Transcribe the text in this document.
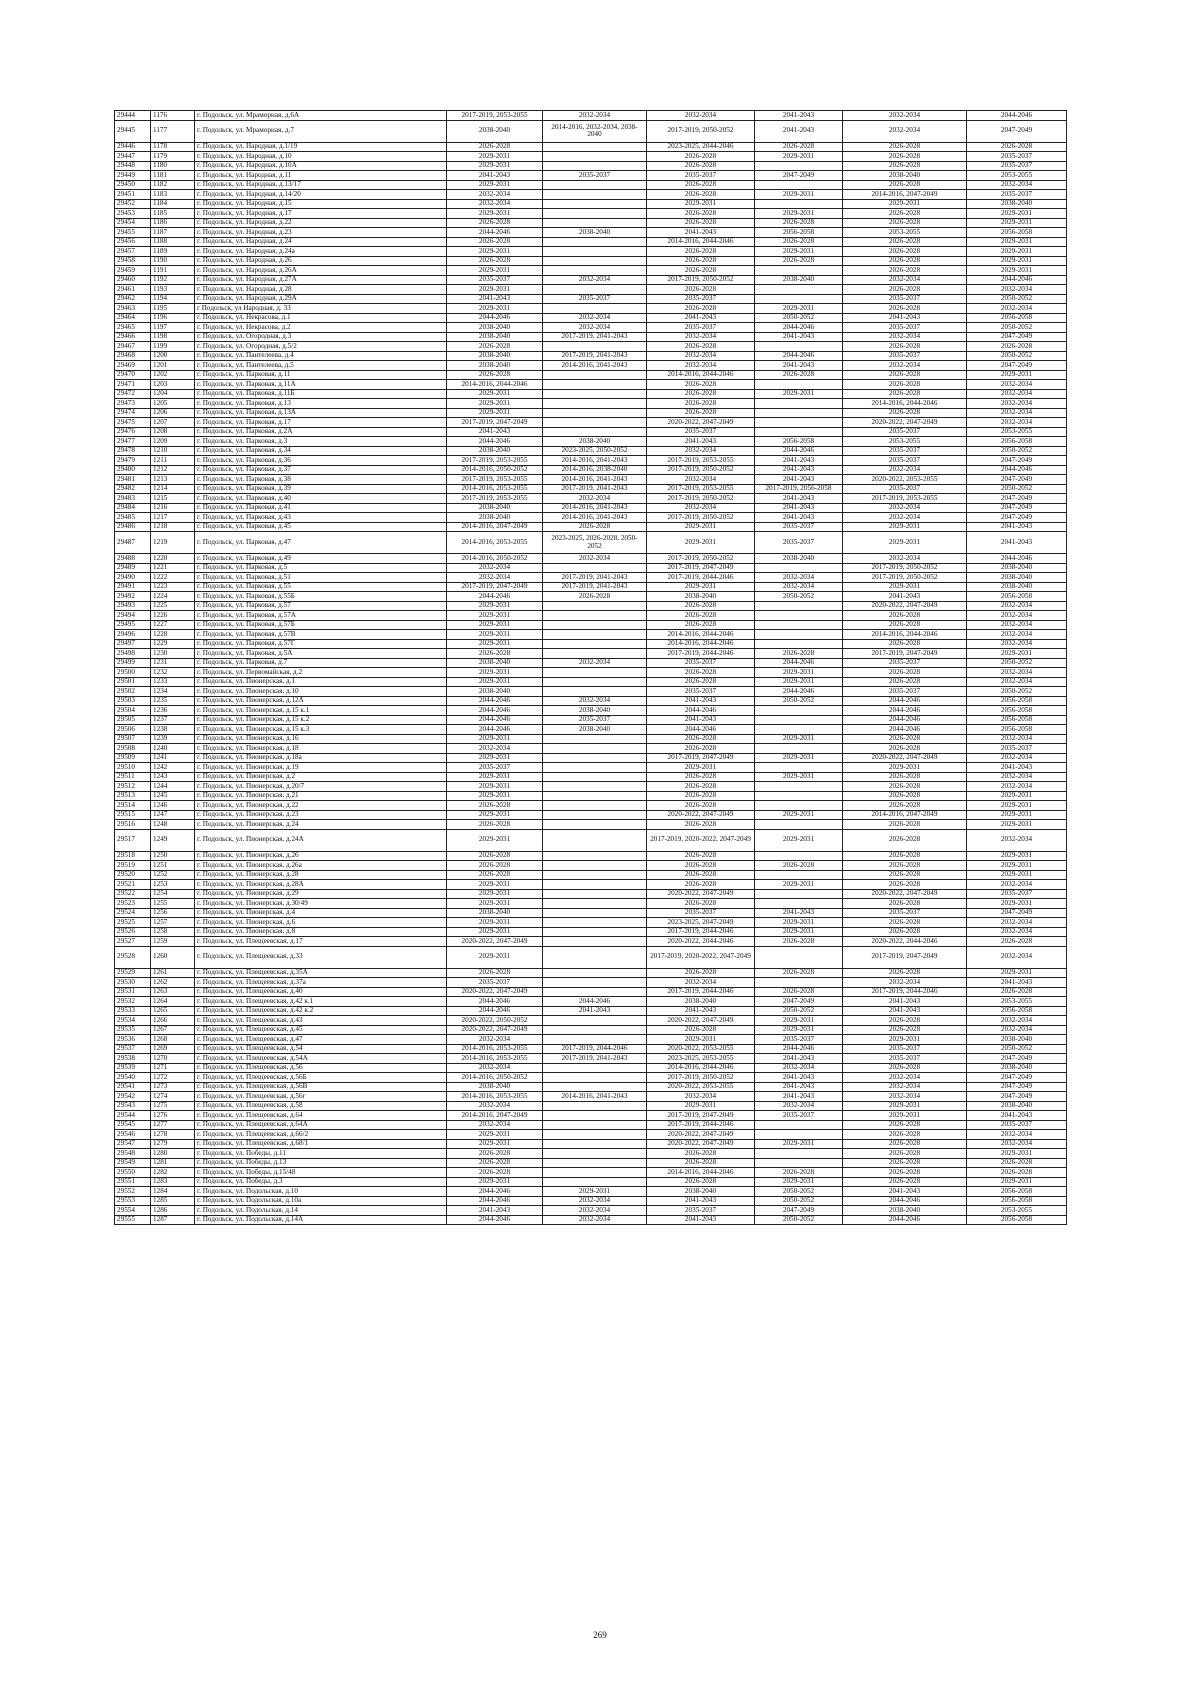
29444	1176	г. Подольск, ул. Мраморная, д.6А	2017-2019, 2053-2055	2032-2034	2032-2034	2041-2043	2032-2034	2044-2046
29445	1177	г. Подольск, ул. Мраморная, д.7	2038-2040	2014-2016, 2032-2034, 2038-2040	2017-2019, 2050-2052	2041-2043	2032-2034	2047-2049
29446	1178	г. Подольск, ул. Народная, д.1/19	2026-2028		2023-2025, 2044-2046	2026-2028	2026-2028	2026-2028
29447	1179	г. Подольск, ул. Народная, д.10	2029-2031		2026-2028	2029-2031	2026-2028	2035-2037
29448	1180	г. Подольск, ул. Народная, д.10А	2029-2031		2026-2028		2026-2028	2035-2037
29449	1181	г. Подольск, ул. Народная, д.11	2041-2043	2035-2037	2035-2037	2047-2049	2038-2040	2053-2055
29450	1182	г. Подольск, ул. Народная, д.13/17	2029-2031		2026-2028		2026-2028	2032-2034
29451	1183	г. Подольск, ул. Народная, д.14/20	2032-2034		2026-2028	2029-2031	2014-2016, 2047-2049	2035-2037
29452	1184	г. Подольск, ул. Народная, д.15	2032-2034		2029-2031		2029-2031	2038-2040
29453	1185	г. Подольск, ул. Народная, д.17	2029-2031		2026-2028	2029-2031	2026-2028	2029-2031
29454	1186	г. Подольск, ул. Народная, д.22	2026-2028		2026-2028	2026-2028	2026-2028	2029-2031
29455	1187	г. Подольск, ул. Народная, д.23	2044-2046	2038-2040	2041-2043	2056-2058	2053-2055	2056-2058
29456	1188	г. Подольск, ул. Народная, д.24	2026-2028		2014-2016, 2044-2046	2026-2028	2026-2028	2029-2031
29457	1189	г. Подольск, ул. Народная, д.24а	2029-2031		2026-2028	2029-2031	2026-2028	2029-2031
29458	1190	г. Подольск, ул. Народная, д.26	2026-2028		2026-2028	2026-2028	2026-2028	2029-2031
29459	1191	г. Подольск, ул. Народная, д.26А	2029-2031		2026-2028		2026-2028	2029-2031
29460	1192	г. Подольск, ул. Народная, д.27А	2035-2037	2032-2034	2017-2019, 2050-2052	2038-2040	2032-2034	2044-2046
29461	1193	г. Подольск, ул. Народная, д.28	2029-2031		2026-2028		2026-2028	2032-2034
29462	1194	г. Подольск, ул. Народная, д.29А	2041-2043	2035-2037	2035-2037		2035-2037	2050-2052
29463	1195	г Подольск, ул Народная, д. 33	2029-2031		2026-2028	2029-2031	2026-2028	2032-2034
29464	1196	г. Подольск, ул. Некрасова, д.1	2044-2046	2032-2034	2041-2043	2050-2052	2041-2043	2056-2058
29465	1197	г. Подольск, ул. Некрасова, д.2	2038-2040	2032-2034	2035-2037	2044-2046	2035-2037	2050-2052
29466	1198	г. Подольск, ул. Огородная, д.3	2038-2040	2017-2019, 2041-2043	2032-2034	2041-2043	2032-2034	2047-2049
29467	1199	г. Подольск, ул. Огородная, д.5/2	2026-2028		2026-2028		2026-2028	2026-2028
29468	1200	г. Подольск, ул. Пантелеева, д.4	2038-2040	2017-2019, 2041-2043	2032-2034	2044-2046	2035-2037	2050-2052
29469	1201	г. Подольск, ул. Пантелеева, д.5	2038-2040	2014-2016, 2041-2043	2032-2034	2041-2043	2032-2034	2047-2049
29470	1202	г. Подольск, ул. Парковая, д.11	2026-2028		2014-2016, 2044-2046	2026-2028	2026-2028	2029-2031
29471	1203	г. Подольск, ул. Парковая, д.11А	2014-2016, 2044-2046		2026-2028		2026-2028	2032-2034
29472	1204	г. Подольск, ул. Парковая, д.11Б	2029-2031		2026-2028	2029-2031	2026-2028	2032-2034
29473	1205	г. Подольск, ул. Парковая, д.13	2029-2031		2026-2028		2014-2016, 2044-2046	2032-2034
29474	1206	г. Подольск, ул. Парковая, д.13А	2029-2031		2026-2028		2026-2028	2032-2034
29475	1207	г. Подольск, ул. Парковая, д.17	2017-2019, 2047-2049		2020-2022, 2047-2049		2020-2022, 2047-2049	2032-2034
29476	1208	г. Подольск, ул. Парковая, д.2А	2041-2043		2035-2037		2035-2037	2053-2055
29477	1209	г. Подольск, ул. Парковая, д.3	2044-2046	2038-2040	2041-2043	2056-2058	2053-2055	2056-2058
29478	1210	г. Подольск, ул. Парковая, д.34	2038-2040	2023-2025, 2050-2052	2032-2034	2044-2046	2035-2037	2050-2052
29479	1211	г. Подольск, ул. Парковая, д.36	2017-2019, 2053-2055	2014-2016, 2041-2043	2017-2019, 2053-2055	2041-2043	2035-2037	2047-2049
29480	1212	г. Подольск, ул. Парковая, д.37	2014-2016, 2050-2052	2014-2016, 2038-2040	2017-2019, 2050-2052	2041-2043	2032-2034	2044-2046
29481	1213	г. Подольск, ул. Парковая, д.38	2017-2019, 2053-2055	2014-2016, 2041-2043	2032-2034	2041-2043	2020-2022, 2053-2055	2047-2049
29482	1214	г. Подольск, ул. Парковая, д.39	2014-2016, 2053-2055	2017-2019, 2041-2043	2017-2019, 2053-2055	2017-2019, 2056-2058	2035-2037	2050-2052
29483	1215	г. Подольск, ул. Парковая, д.40	2017-2019, 2053-2055	2032-2034	2017-2019, 2050-2052	2041-2043	2017-2019, 2053-2055	2047-2049
29484	1216	г. Подольск, ул. Парковая, д.41	2038-2040	2014-2016, 2041-2043	2032-2034	2041-2043	2032-2034	2047-2049
29485	1217	г. Подольск, ул. Парковая, д.43	2038-2040	2014-2016, 2041-2043	2017-2019, 2050-2052	2041-2043	2032-2034	2047-2049
29486	1218	г. Подольск, ул. Парковая, д.45	2014-2016, 2047-2049	2026-2028	2029-2031	2035-2037	2029-2031	2041-2043
29487	1219	г. Подольск, ул. Парковая, д.47	2014-2016, 2053-2055	2023-2025, 2026-2028, 2050-2052	2029-2031	2035-2037	2029-2031	2041-2043
29488	1220	г. Подольск, ул. Парковая, д.49	2014-2016, 2050-2052	2032-2034	2017-2019, 2050-2052	2038-2040	2032-2034	2044-2046
29489	1221	г. Подольск, ул. Парковая, д.5	2032-2034		2017-2019, 2047-2049		2017-2019, 2050-2052	2038-2040
29490	1222	г. Подольск, ул. Парковая, д.51	2032-2034	2017-2019, 2041-2043	2017-2019, 2044-2046	2032-2034	2017-2019, 2050-2052	2038-2040
29491	1223	г. Подольск, ул. Парковая, д.55	2017-2019, 2047-2049	2017-2019, 2041-2043	2029-2031	2032-2034	2029-2031	2038-2040
29492	1224	г. Подольск, ул. Парковая, д.55Б	2044-2046	2026-2028	2038-2040	2050-2052	2041-2043	2056-2058
29493	1225	г. Подольск, ул. Парковая, д.57	2029-2031		2026-2028		2020-2022, 2047-2049	2032-2034
29494	1226	г. Подольск, ул. Парковая, д.57А	2029-2031		2026-2028		2026-2028	2032-2034
29495	1227	г. Подольск, ул. Парковая, д.57Б	2029-2031		2026-2028		2026-2028	2032-2034
29496	1228	г. Подольск, ул. Парковая, д.57В	2029-2031		2014-2016, 2044-2046		2014-2016, 2044-2046	2032-2034
29497	1229	г. Подольск, ул. Парковая, д.57Г	2029-2031		2014-2016, 2044-2046		2026-2028	2032-2034
29498	1230	г. Подольск, ул. Парковая, д.5А	2026-2028		2017-2019, 2044-2046	2026-2028	2017-2019, 2047-2049	2029-2031
29499	1231	г. Подольск, ул. Парковая, д.7	2038-2040	2032-2034	2035-2037	2044-2046	2035-2037	2050-2052
29500	1232	г. Подольск, ул. Первомайская, д.2	2029-2031		2026-2028	2029-2031	2026-2028	2032-2034
29501	1233	г. Подольск, ул. Пионерская, д.1	2029-2031		2026-2028	2029-2031	2026-2028	2032-2034
29502	1234	г. Подольск, ул. Пионерская, д.10	2038-2040		2035-2037	2044-2046	2035-2037	2050-2052
29503	1235	г. Подольск, ул. Пионерская, д.12А	2044-2046	2032-2034	2041-2043	2050-2052	2044-2046	2056-2058
29504	1236	г. Подольск, ул. Пионерская, д.15 к.1	2044-2046	2038-2040	2044-2046		2044-2046	2056-2058
29505	1237	г. Подольск, ул. Пионерская, д.15 к.2	2044-2046	2035-2037	2041-2043		2044-2046	2056-2058
29506	1238	г. Подольск, ул. Пионерская, д.15 к.3	2044-2046	2038-2040	2044-2046		2044-2046	2056-2058
29507	1239	г. Подольск, ул. Пионерская, д.16	2029-2031		2026-2028	2029-2031	2026-2028	2032-2034
29508	1240	г. Подольск, ул. Пионерская, д.18	2032-2034		2026-2028		2026-2028	2035-2037
29509	1241	г. Подольск, ул. Пионерская, д.18а	2029-2031		2017-2019, 2047-2049	2029-2031	2020-2022, 2047-2049	2032-2034
29510	1242	г. Подольск, ул. Пионерская, д.19	2035-2037		2029-2031		2029-2031	2041-2043
29511	1243	г. Подольск, ул. Пионерская, д.2	2029-2031		2026-2028	2029-2031	2026-2028	2032-2034
29512	1244	г. Подольск, ул. Пионерская, д.20/7	2029-2031		2026-2028		2026-2028	2032-2034
29513	1245	г. Подольск, ул. Пионерская, д.21	2029-2031		2026-2028		2026-2028	2029-2031
29514	1246	г. Подольск, ул. Пионерская, д.22	2026-2028		2026-2028		2026-2028	2029-2031
29515	1247	г. Подольск, ул. Пионерская, д.23	2029-2031		2020-2022, 2047-2049	2029-2031	2014-2016, 2047-2049	2029-2031
29516	1248	г. Подольск, ул. Пионерская, д.24	2026-2028		2026-2028		2026-2028	2029-2031
29517	1249	г. Подольск, ул. Пионерская, д.24А	2029-2031		2017-2019, 2020-2022, 2047-2049	2029-2031	2026-2028	2032-2034
29518	1250	г. Подольск, ул. Пионерская, д.26	2026-2028		2026-2028		2026-2028	2029-2031
29519	1251	г. Подольск, ул. Пионерская, д.26а	2026-2028		2026-2028	2026-2028	2026-2028	2029-2031
29520	1252	г. Подольск, ул. Пионерская, д.28	2026-2028		2026-2028		2026-2028	2029-2031
29521	1253	г. Подольск, ул. Пионерская, д.28А	2029-2031		2026-2028	2029-2031	2026-2028	2032-2034
29522	1254	г. Подольск, ул. Пионерская, д.29	2029-2031		2020-2022, 2047-2049		2020-2022, 2047-2049	2035-2037
29523	1255	г. Подольск, ул. Пионерская, д.30/49	2029-2031		2026-2028		2026-2028	2029-2031
29524	1256	г. Подольск, ул. Пионерская, д.4	2038-2040		2035-2037	2041-2043	2035-2037	2047-2049
29525	1257	г. Подольск, ул. Пионерская, д.6	2029-2031		2023-2025, 2047-2049	2029-2031	2026-2028	2032-2034
29526	1258	г. Подольск, ул. Пионерская, д.8	2029-2031		2017-2019, 2044-2046	2029-2031	2026-2028	2032-2034
29527	1259	г. Подольск, ул. Плещеевская, д.17	2020-2022, 2047-2049		2020-2022, 2044-2046	2026-2028	2020-2022, 2044-2046	2026-2028
29528	1260	г. Подольск, ул. Плещеевская, д.33	2029-2031		2017-2019, 2020-2022, 2047-2049		2017-2019, 2047-2049	2032-2034
29529	1261	г. Подольск, ул. Плещеевская, д.35А	2026-2028		2026-2028	2026-2028	2026-2028	2029-2031
29530	1262	г. Подольск, ул. Плещеевская, д.37а	2035-2037		2032-2034		2032-2034	2041-2043
29531	1263	г. Подольск, ул. Плещеевская, д.40	2020-2022, 2047-2049		2017-2019, 2044-2046	2026-2028	2017-2019, 2044-2046	2026-2028
29532	1264	г. Подольск, ул. Плещеевская, д.42 к.1	2044-2046	2044-2046	2038-2040	2047-2049	2041-2043	2053-2055
29533	1265	г. Подольск, ул. Плещеевская, д.42 к.2	2044-2046	2041-2043	2041-2043	2050-2052	2041-2043	2056-2058
29534	1266	г. Подольск, ул. Плещеевская, д.43	2020-2022, 2050-2052		2020-2022, 2047-2049	2029-2031	2026-2028	2032-2034
29535	1267	г. Подольск, ул. Плещеевская, д.45	2020-2022, 2047-2049		2026-2028	2029-2031	2026-2028	2032-2034
29536	1268	г. Подольск, ул. Плещеевская, д.47	2032-2034		2029-2031	2035-2037	2029-2031	2038-2040
29537	1269	г. Подольск, ул. Плещеевская, д.54	2014-2016, 2053-2055	2017-2019, 2044-2046	2020-2022, 2053-2055	2044-2046	2035-2037	2050-2052
29538	1270	г. Подольск, ул. Плещеевская, д.54А	2014-2016, 2053-2055	2017-2019, 2041-2043	2023-2025, 2053-2055	2041-2043	2035-2037	2047-2049
29539	1271	г. Подольск, ул. Плещеевская, д.56	2032-2034		2014-2016, 2044-2046	2032-2034	2026-2028	2038-2040
29540	1272	г. Подольск, ул. Плещеевская, д.56Б	2014-2016, 2050-2052		2017-2019, 2050-2052	2041-2043	2032-2034	2047-2049
29541	1273	г. Подольск, ул. Плещеевская, д.56В	2038-2040		2020-2022, 2053-2055	2041-2043	2032-2034	2047-2049
29542	1274	г. Подольск, ул. Плещеевская, д.56г	2014-2016, 2053-2055	2014-2016, 2041-2043	2032-2034	2041-2043	2032-2034	2047-2049
29543	1275	г. Подольск, ул. Плещеевская, д.58	2032-2034		2029-2031	2032-2034	2029-2031	2038-2040
29544	1276	г. Подольск, ул. Плещеевская, д.64	2014-2016, 2047-2049		2017-2019, 2047-2049	2035-2037	2029-2031	2041-2043
29545	1277	г. Подольск, ул. Плещеевская, д.64А	2032-2034		2017-2019, 2044-2046		2026-2028	2035-2037
29546	1278	г. Подольск, ул. Плещеевская, д.66/2	2029-2031		2020-2022, 2047-2049		2026-2028	2032-2034
29547	1279	г. Подольск, ул. Плещеевская, д.68/1	2029-2031		2020-2022, 2047-2049	2029-2031	2026-2028	2032-2034
29548	1280	г. Подольск, ул. Победы, д.11	2026-2028		2026-2028		2026-2028	2029-2031
29549	1281	г. Подольск, ул. Победы, д.13	2026-2028		2026-2028		2026-2028	2026-2028
29550	1282	г. Подольск, ул. Победы, д.15/48	2026-2028		2014-2016, 2044-2046	2026-2028	2026-2028	2026-2028
29551	1283	г. Подольск, ул. Победы, д.3	2029-2031		2026-2028	2029-2031	2026-2028	2029-2031
29552	1284	г. Подольск, ул. Подольская, д.10	2044-2046	2029-2031	2038-2040	2050-2052	2041-2043	2056-2058
29553	1285	г. Подольск, ул. Подольская, д.10а	2044-2046	2032-2034	2041-2043	2050-2052	2044-2046	2056-2058
29554	1286	г. Подольск, ул. Подольская, д.14	2041-2043	2032-2034	2035-2037	2047-2049	2038-2040	2053-2055
29555	1287	г. Подольск, ул. Подольская, д.14А	2044-2046	2032-2034	2041-2043	2050-2052	2044-2046	2056-2058
269
